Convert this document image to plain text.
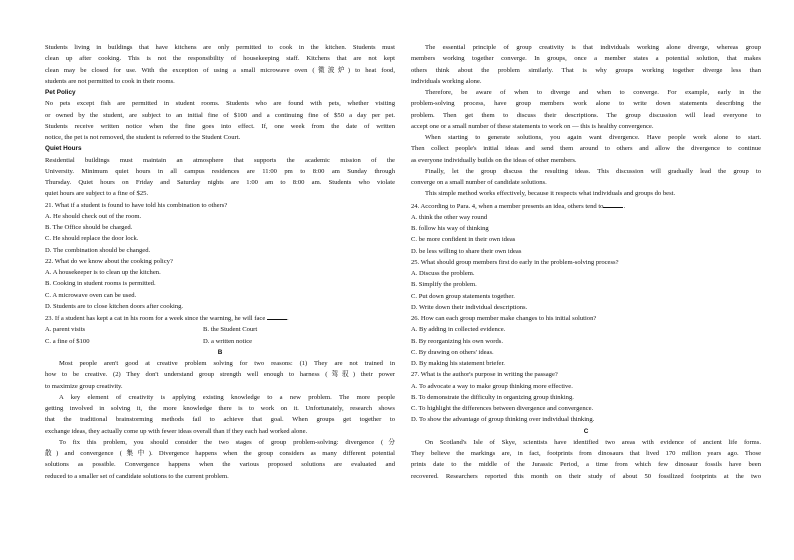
Students living in buildings that have kitchens are only permitted to cook in the kitchen. Students must
clean up after cooking. This is not the responsibility of housekeeping staff. Kitchens that are not kept
clean may be closed for use. With the exception of using a small microwave oven (微波炉) to heat food,
students are not permitted to cook in their rooms.
Pet Policy
No pets except fish are permitted in student rooms. Students who are found with pets, whether visiting
or owned by the student, are subject to an initial fine of $100 and a continuing fine of $50 a day per pet.
Students receive written notice when the fine goes into effect. If, one week from the date of written
notice, the pet is not removed, the student is referred to the Student Court.
Quiet Hours
Residential buildings must maintain an atmosphere that supports the academic mission of the
University. Minimum quiet hours in all campus residences are 11:00 pm to 8:00 am Sunday through
Thursday. Quiet hours on Friday and Saturday nights are 1:00 am to 8:00 am. Students who violate
quiet hours are subject to a fine of $25.
21. What if a student is found to have told his combination to others?
A. He should check out of the room.
B. The Office should be charged.
C. He should replace the door lock.
D. The combination should be changed.
22. What do we know about the cooking policy?
A. A housekeeper is to clean up the kitchen.
B. Cooking in student rooms is permitted.
C. A microwave oven can be used.
D. Students are to close kitchen doors after cooking.
23. If a student has kept a cat in his room for a week since the warning, he will face	.
A. parent visits	B. the Student Court
C. a fine of $100	D. a written notice
B
Most people aren't good at creative problem solving for two reasons: (1) They are not trained in
how to be creative. (2) They don't understand group strength well enough to harness (驾驭) their power
to maximize group creativity.
A key element of creativity is applying existing knowledge to a new problem. The more people
getting involved in solving it, the more knowledge there is to work on it. Unfortunately, research shows
that the traditional brainstorming methods fail to achieve that goal. When groups get together to
exchange ideas, they actually come up with fewer ideas overall than if they each had worked alone.
To fix this problem, you should consider the two stages of group problem-solving: divergence (分
散) and convergence (集中). Divergence happens when the group considers as many different potential
solutions as possible. Convergence happens when the various proposed solutions are evaluated and
reduced to a smaller set of candidate solutions to the current problem.
The essential principle of group creativity is that individuals working alone diverge, whereas group
members working together converge. In groups, once a member states a potential solution, that makes
others think about the problem similarly. That is why groups working together diverge less than
individuals working alone.
Therefore, be aware of when to diverge and when to converge. For example, early in the
problem-solving process, have group members work alone to write down statements describing the
problem. Then get them to discuss their descriptions. The group discussion will lead everyone to
accept one or a small number of these statements to work on — this is healthy convergence.
When starting to generate solutions, you again want divergence. Have people work alone to start.
Then collect people's initial ideas and send them around to others and allow the divergence to continue
as everyone individually builds on the ideas of other members.
Finally, let the group discuss the resulting ideas. This discussion will gradually lead the group to
converge on a small number of candidate solutions.
This simple method works effectively, because it respects what individuals and groups do best.
24. According to Para. 4, when a member presents an idea, others tend to	.
A. think the other way round
B. follow his way of thinking
C. be more confident in their own ideas
D. be less willing to share their own ideas
25. What should group members first do early in the problem-solving process?
A. Discuss the problem.
B. Simplify the problem.
C. Put down group statements together.
D. Write down their individual descriptions.
26. How can each group member make changes to his initial solution?
A. By adding in collected evidence.
B. By reorganizing his own words.
C. By drawing on others' ideas.
D. By making his statement briefer.
27. What is the author's purpose in writing the passage?
A. To advocate a way to make group thinking more effective.
B. To demonstrate the difficulty in organizing group thinking.
C. To highlight the differences between divergence and convergence.
D. To show the advantage of group thinking over individual thinking.
C
On Scotland's Isle of Skye, scientists have identified two areas with evidence of ancient life forms.
They believe the markings are, in fact, footprints from dinosaurs that lived 170 million years ago. Those
prints date to the middle of the Jurassic Period, a time from which few dinosaur fossils have been
recovered. Researchers reported this month on their study of about 50 fossilized footprints at the two
